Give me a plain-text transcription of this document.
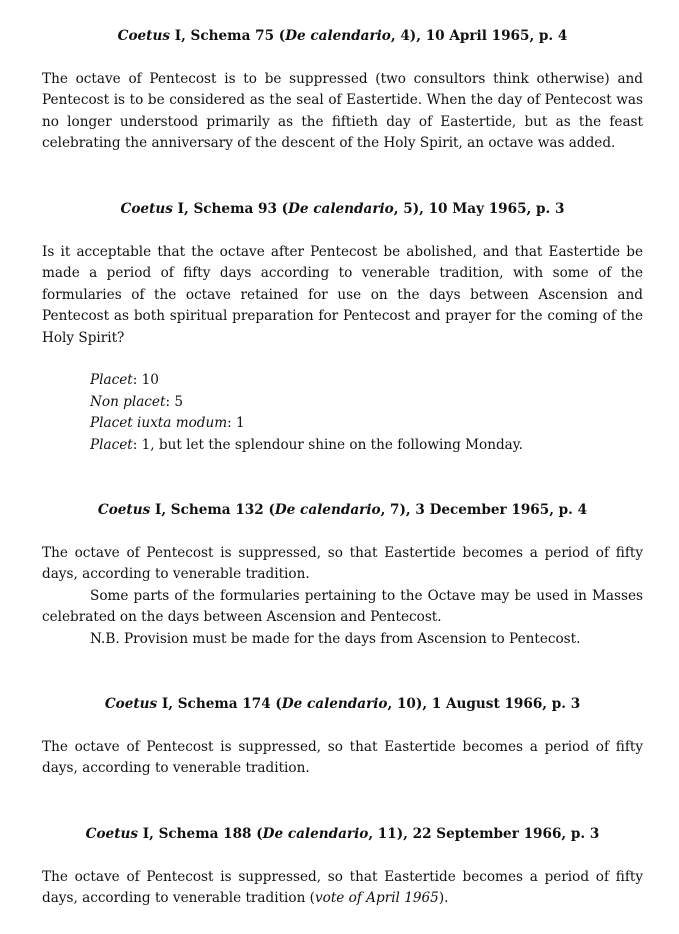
Coetus I, Schema 75 (De calendario, 4), 10 April 1965, p. 4

The octave of Pentecost is to be suppressed (two consultors think otherwise) and Pentecost is to be considered as the seal of Eastertide. When the day of Pentecost was no longer understood primarily as the fiftieth day of Eastertide, but as the feast celebrating the anniversary of the descent of the Holy Spirit, an octave was added.

Coetus I, Schema 93 (De calendario, 5), 10 May 1965, p. 3

Is it acceptable that the octave after Pentecost be abolished, and that Eastertide be made a period of fifty days according to venerable tradition, with some of the formularies of the octave retained for use on the days between Ascension and Pentecost as both spiritual preparation for Pentecost and prayer for the coming of the Holy Spirit?

Placet: 10

Non placet: 5

Placet iuxta modum: 1

Placet: 1, but let the splendour shine on the following Monday.

Coetus I, Schema 132 (De calendario, 7), 3 December 1965, p. 4

The octave of Pentecost is suppressed, so that Eastertide becomes a period of fifty days, according to venerable tradition.

Some parts of the formularies pertaining to the Octave may be used in Masses celebrated on the days between Ascension and Pentecost.

N.B. Provision must be made for the days from Ascension to Pentecost.

Coetus I, Schema 174 (De calendario, 10), 1 August 1966, p. 3

The octave of Pentecost is suppressed, so that Eastertide becomes a period of fifty days, according to venerable tradition.

Coetus I, Schema 188 (De calendario, 11), 22 September 1966, p. 3

The octave of Pentecost is suppressed, so that Eastertide becomes a period of fifty days, according to venerable tradition (vote of April 1965).
